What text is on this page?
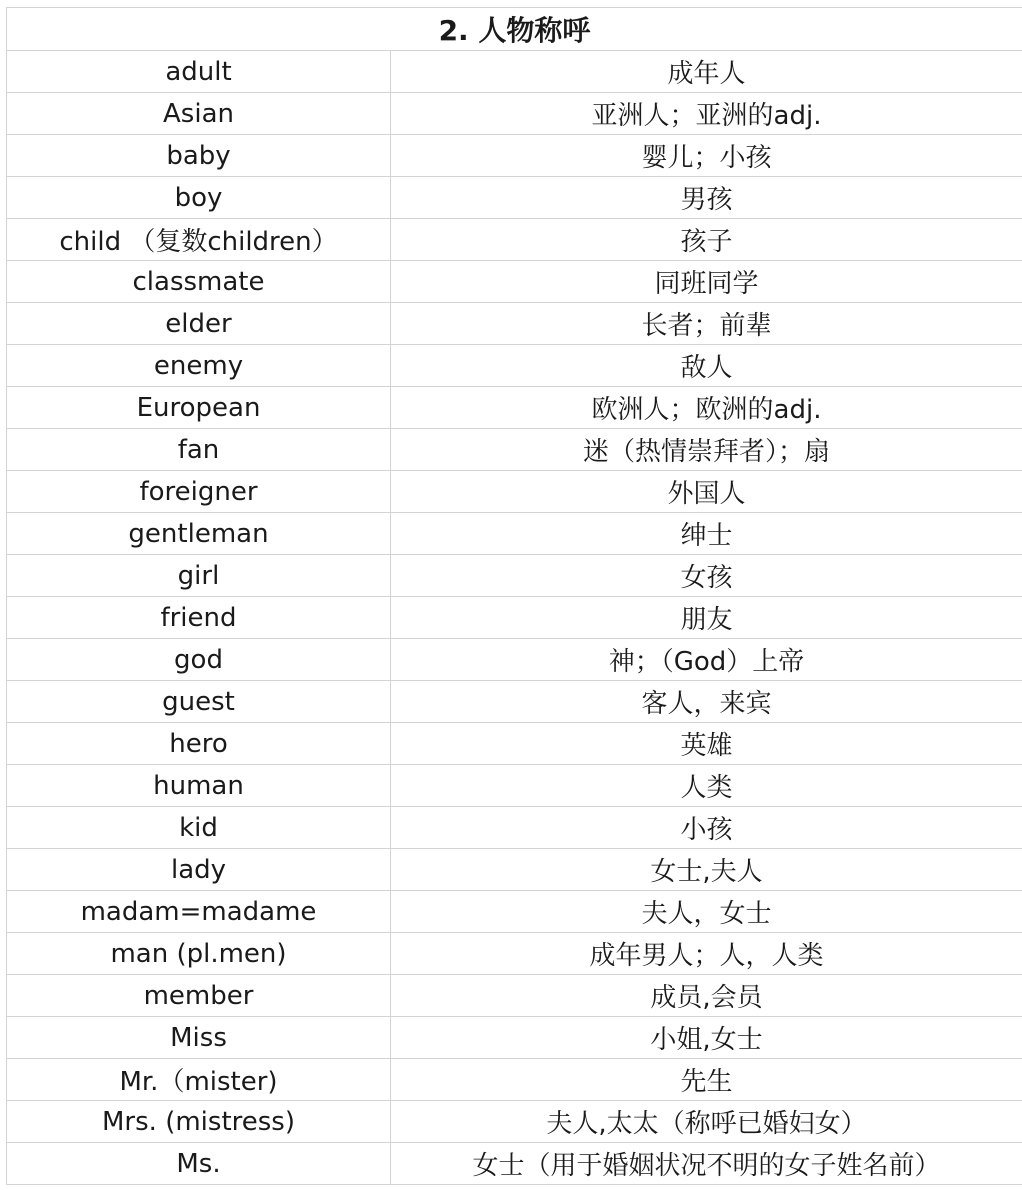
2. 人物称呼	
adult	成年人
Asian	亚洲人；亚洲的adj.
baby	婴儿；小孩
boy	男孩
child （复数children）	孩子
classmate	同班同学
elder	长者；前辈
enemy	敌人
European	欧洲人；欧洲的adj.
fan	迷（热情崇拜者）；扇
foreigner	外国人
gentleman	绅士
girl	女孩
friend	朋友
god	神；（God）上帝
guest	客人，来宾
hero	英雄
human	人类
kid	小孩
lady	女士,夫人
madam=madame	夫人，女士
man (pl.men)	成年男人；人，人类
member	成员,会员
Miss	小姐,女士
Mr.（mister)	先生
Mrs. (mistress)	夫人,太太（称呼已婚妇女）
Ms.	女士（用于婚姻状况不明的女子姓名前）
